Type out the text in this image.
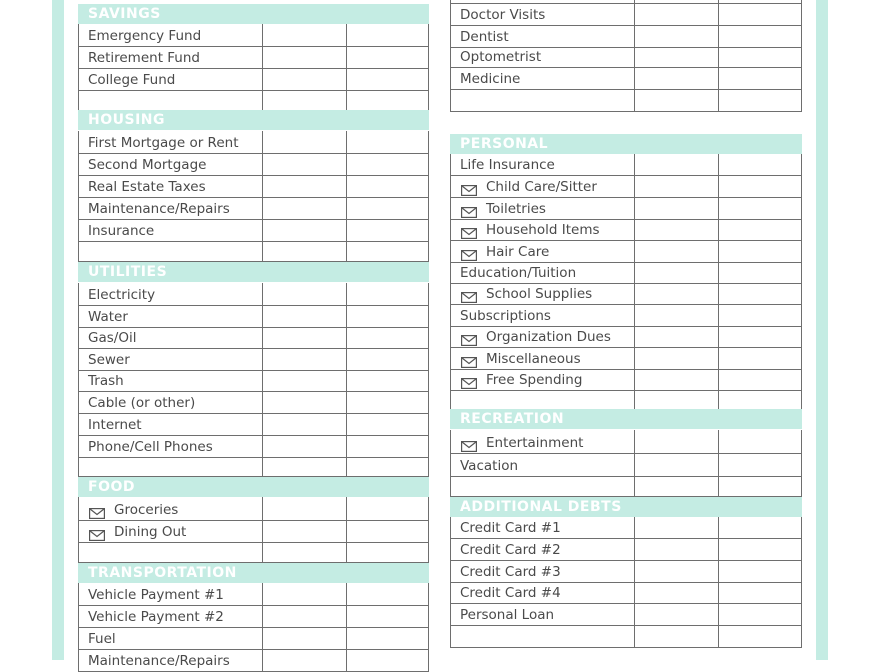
SAVINGS
Emergency Fund
Retirement Fund
College Fund
HOUSING
First Mortgage or Rent
Second Mortgage
Real Estate Taxes
Maintenance/Repairs
Insurance
UTILITIES
Electricity
Water
Gas/Oil
Sewer
Trash
Cable (or other)
Internet
Phone/Cell Phones
FOOD
Groceries
Dining Out
TRANSPORTATION
Vehicle Payment #1
Vehicle Payment #2
Fuel
Maintenance/Repairs
Doctor Visits
Dentist
Optometrist
Medicine
PERSONAL
Life Insurance
Child Care/Sitter
Toiletries
Household Items
Hair Care
Education/Tuition
School Supplies
Subscriptions
Organization Dues
Miscellaneous
Free Spending
RECREATION
Entertainment
Vacation
ADDITIONAL DEBTS
Credit Card #1
Credit Card #2
Credit Card #3
Credit Card #4
Personal Loan
